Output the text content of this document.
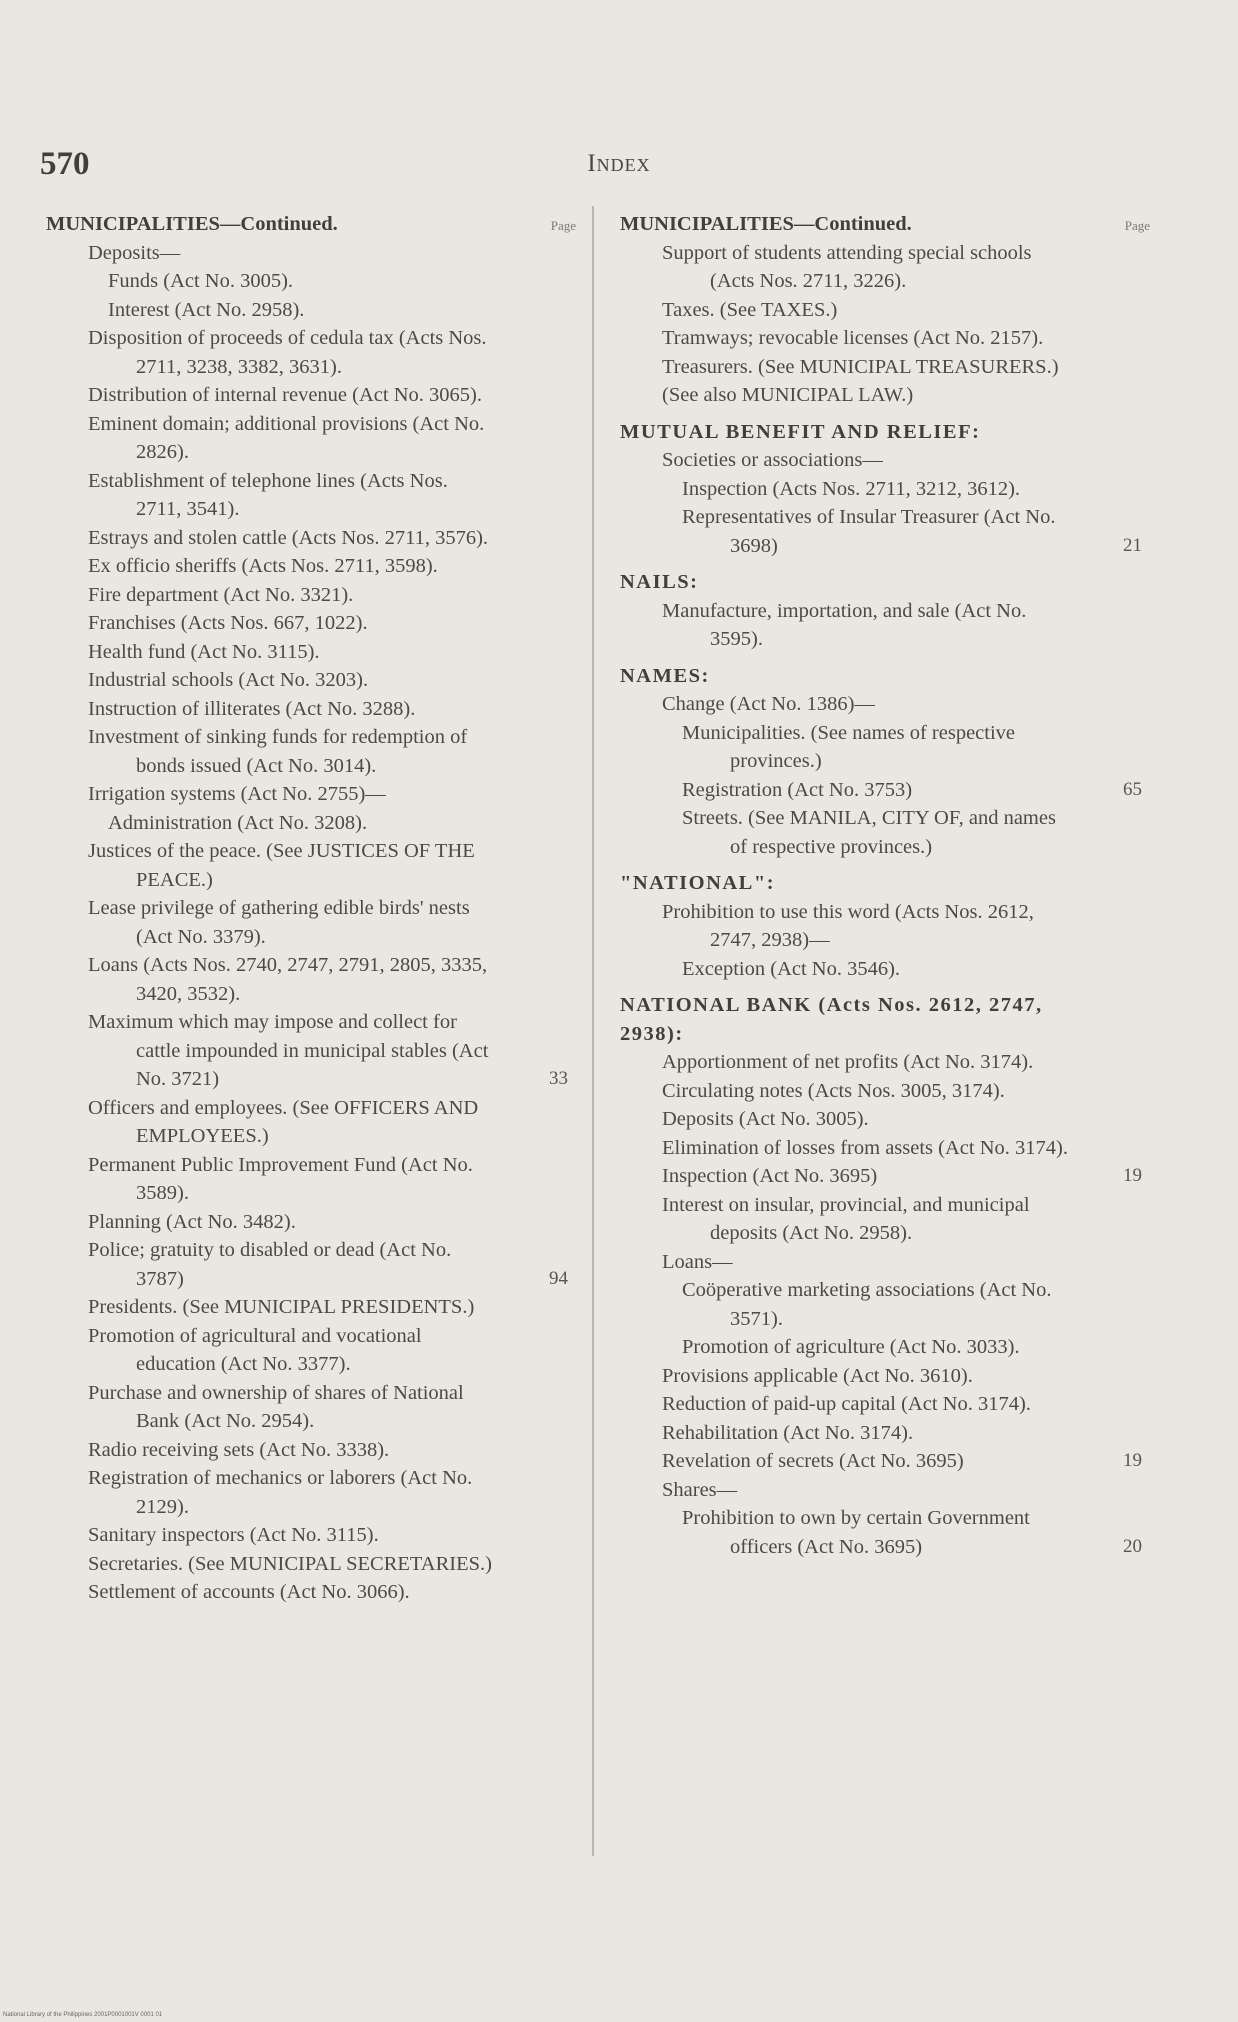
570	Index
MUNICIPALITIES—Continued.	Page
Deposits—
Funds (Act No. 3005).
Interest (Act No. 2958).
Disposition of proceeds of cedula tax (Acts Nos. 2711, 3238, 3382, 3631).
Distribution of internal revenue (Act No. 3065).
Eminent domain; additional provisions (Act No. 2826).
Establishment of telephone lines (Acts Nos. 2711, 3541).
Estrays and stolen cattle (Acts Nos. 2711, 3576).
Ex officio sheriffs (Acts Nos. 2711, 3598).
Fire department (Act No. 3321).
Franchises (Acts Nos. 667, 1022).
Health fund (Act No. 3115).
Industrial schools (Act No. 3203).
Instruction of illiterates (Act No. 3288).
Investment of sinking funds for redemption of bonds issued (Act No. 3014).
Irrigation systems (Act No. 2755)—
Administration (Act No. 3208).
Justices of the peace. (See JUSTICES OF THE PEACE.)
Lease privilege of gathering edible birds' nests (Act No. 3379).
Loans (Acts Nos. 2740, 2747, 2791, 2805, 3335, 3420, 3532).
Maximum which may impose and collect for cattle impounded in municipal stables (Act No. 3721)	33
Officers and employees. (See OFFICERS AND EMPLOYEES.)
Permanent Public Improvement Fund (Act No. 3589).
Planning (Act No. 3482).
Police; gratuity to disabled or dead (Act No. 3787)	94
Presidents. (See MUNICIPAL PRESIDENTS.)
Promotion of agricultural and vocational education (Act No. 3377).
Purchase and ownership of shares of National Bank (Act No. 2954).
Radio receiving sets (Act No. 3338).
Registration of mechanics or laborers (Act No. 2129).
Sanitary inspectors (Act No. 3115).
Secretaries. (See MUNICIPAL SECRETARIES.)
Settlement of accounts (Act No. 3066).
MUNICIPALITIES—Continued.	Page
Support of students attending special schools (Acts Nos. 2711, 3226).
Taxes. (See TAXES.)
Tramways; revocable licenses (Act No. 2157).
Treasurers. (See MUNICIPAL TREASURERS.)
(See also MUNICIPAL LAW.)
MUTUAL BENEFIT AND RELIEF:
Societies or associations—
Inspection (Acts Nos. 2711, 3212, 3612).
Representatives of Insular Treasurer (Act No. 3698)	21
NAILS:
Manufacture, importation, and sale (Act No. 3595).
NAMES:
Change (Act No. 1386)—
Municipalities. (See names of respective provinces.)
Registration (Act No. 3753)	65
Streets. (See MANILA, CITY OF, and names of respective provinces.)
"NATIONAL":
Prohibition to use this word (Acts Nos. 2612, 2747, 2938)—
Exception (Act No. 3546).
NATIONAL BANK (Acts Nos. 2612, 2747, 2938):
Apportionment of net profits (Act No. 3174).
Circulating notes (Acts Nos. 3005, 3174).
Deposits (Act No. 3005).
Elimination of losses from assets (Act No. 3174).
Inspection (Act No. 3695)	19
Interest on insular, provincial, and municipal deposits (Act No. 2958).
Loans—
Coöperative marketing associations (Act No. 3571).
Promotion of agriculture (Act No. 3033).
Provisions applicable (Act No. 3610).
Reduction of paid-up capital (Act No. 3174).
Rehabilitation (Act No. 3174).
Revelation of secrets (Act No. 3695)	19
Shares—
Prohibition to own by certain Government officers (Act No. 3695)	20
National Library of the Philippines 2001P0001001V 0001 01
